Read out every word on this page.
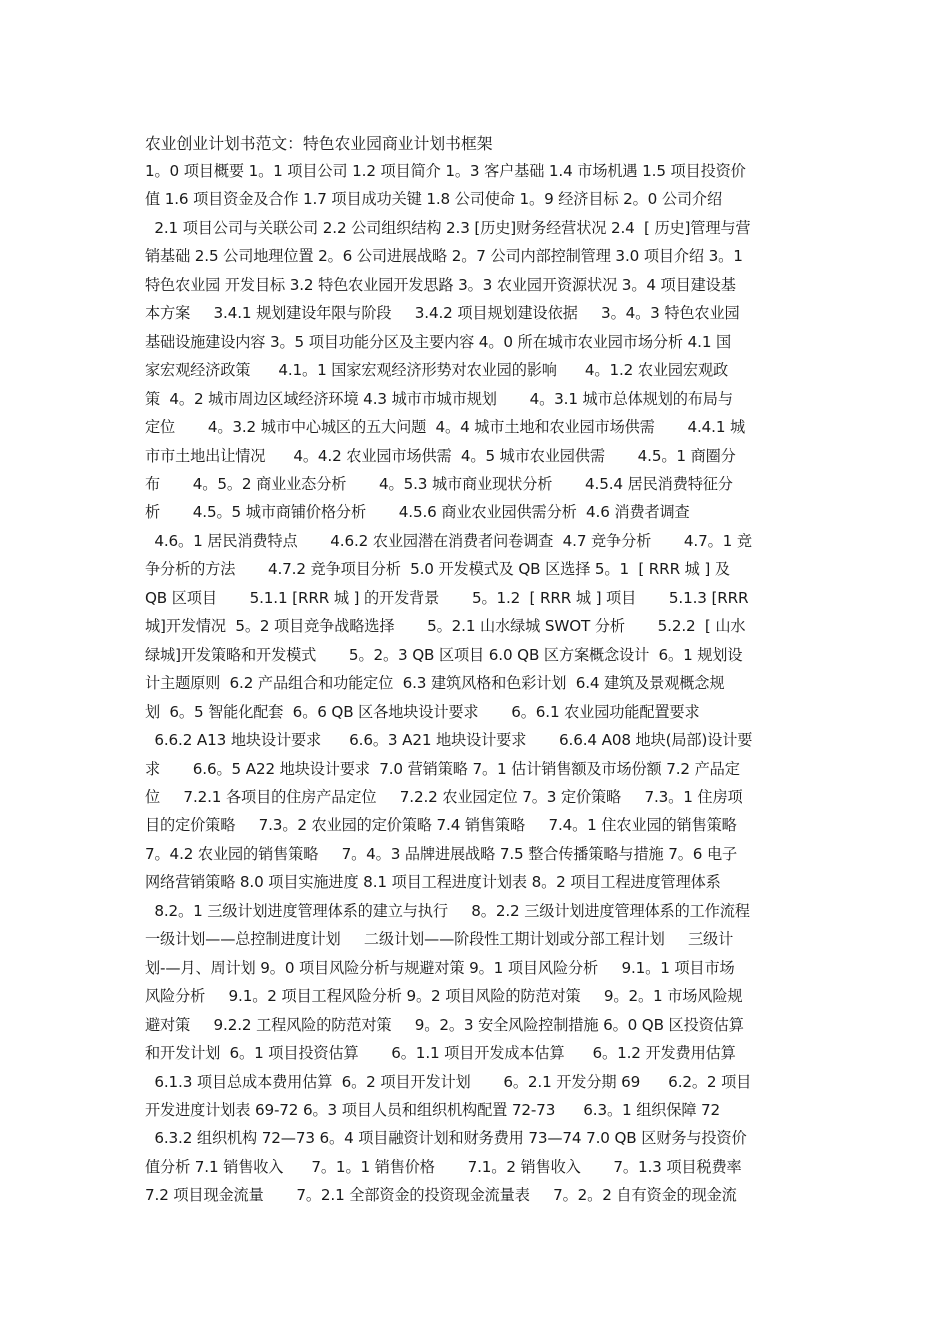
农业创业计划书范文：特色农业园商业计划书框架
1。0 项目概要 1。1 项目公司 1.2 项目简介 1。3 客户基础 1.4 市场机遇 1.5 项目投资价
值 1.6 项目资金及合作 1.7 项目成功关键 1.8 公司使命 1。9 经济目标 2。0 公司介绍
2.1 项目公司与关联公司 2.2 公司组织结构 2.3 [历史]财务经营状况 2.4  [ 历史]管理与营
销基础 2.5 公司地理位置 2。6 公司进展战略 2。7 公司内部控制管理 3.0 项目介绍 3。1
特色农业园 开发目标 3.2 特色农业园开发思路 3。3 农业园开资源状况 3。4 项目建设基
本方案     3.4.1 规划建设年限与阶段     3.4.2 项目规划建设依据     3。4。3 特色农业园
基础设施建设内容 3。5 项目功能分区及主要内容 4。0 所在城市农业园市场分析 4.1 国
家宏观经济政策      4.1。1 国家宏观经济形势对农业园的影响      4。1.2 农业园宏观政
策  4。2 城市周边区域经济环境 4.3 城市市城市规划       4。3.1 城市总体规划的布局与
定位       4。3.2 城市中心城区的五大问题  4。4 城市土地和农业园市场供需       4.4.1 城
市市土地出让情况      4。4.2 农业园市场供需  4。5 城市农业园供需       4.5。1 商圈分
布       4。5。2 商业业态分析       4。5.3 城市商业现状分析       4.5.4 居民消费特征分
析       4.5。5 城市商铺价格分析       4.5.6 商业农业园供需分析  4.6 消费者调查
4.6。1 居民消费特点       4.6.2 农业园潜在消费者问卷调查  4.7 竞争分析       4.7。1 竞
争分析的方法       4.7.2 竞争项目分析  5.0 开发模式及 QB 区选择 5。1  [ RRR 城 ] 及
QB 区项目       5.1.1 [RRR 城 ] 的开发背景       5。1.2  [ RRR 城 ] 项目       5.1.3 [RRR
城]开发情况  5。2 项目竞争战略选择       5。2.1 山水绿城 SWOT 分析       5.2.2  [ 山水
绿城]开发策略和开发模式       5。2。3 QB 区项目 6.0 QB 区方案概念设计  6。1 规划设
计主题原则  6.2 产品组合和功能定位  6.3 建筑风格和色彩计划  6.4 建筑及景观概念规
划  6。5 智能化配套  6。6 QB 区各地块设计要求       6。6.1 农业园功能配置要求
6.6.2 A13 地块设计要求      6.6。3 A21 地块设计要求       6.6.4 A08 地块(局部)设计要
求       6.6。5 A22 地块设计要求  7.0 营销策略 7。1 估计销售额及市场份额 7.2 产品定
位     7.2.1 各项目的住房产品定位     7.2.2 农业园定位 7。3 定价策略     7.3。1 住房项
目的定价策略     7.3。2 农业园的定价策略 7.4 销售策略     7.4。1 住农业园的销售策略
7。4.2 农业园的销售策略     7。4。3 品牌进展战略 7.5 整合传播策略与措施 7。6 电子
网络营销策略 8.0 项目实施进度 8.1 项目工程进度计划表 8。2 项目工程进度管理体系
8.2。1 三级计划进度管理体系的建立与执行     8。2.2 三级计划进度管理体系的工作流程
一级计划——总控制进度计划     二级计划——阶段性工期计划或分部工程计划     三级计
划-—月、周计划 9。0 项目风险分析与规避对策 9。1 项目风险分析     9.1。1 项目市场
风险分析     9.1。2 项目工程风险分析 9。2 项目风险的防范对策     9。2。1 市场风险规
避对策     9.2.2 工程风险的防范对策     9。2。3 安全风险控制措施 6。0 QB 区投资估算
和开发计划  6。1 项目投资估算       6。1.1 项目开发成本估算      6。1.2 开发费用估算
6.1.3 项目总成本费用估算  6。2 项目开发计划       6。2.1 开发分期 69      6.2。2 项目
开发进度计划表 69-72 6。3 项目人员和组织机构配置 72-73      6.3。1 组织保障 72
6.3.2 组织机构 72—73 6。4 项目融资计划和财务费用 73—74 7.0 QB 区财务与投资价
值分析 7.1 销售收入      7。1。1 销售价格       7.1。2 销售收入       7。1.3 项目税费率
7.2 项目现金流量       7。2.1 全部资金的投资现金流量表     7。2。2 自有资金的现金流
